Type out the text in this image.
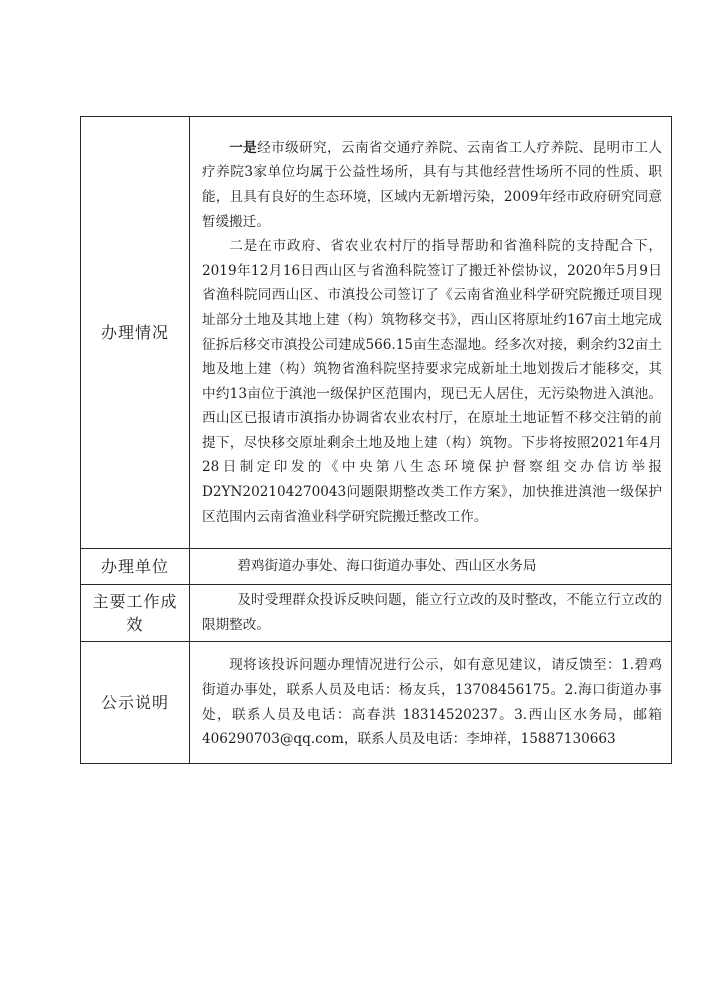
办理情况	一是经市级研究，云南省交通疗养院、云南省工人疗养院、昆明市工人疗养院3家单位均属于公益性场所，具有与其他经营性场所不同的性质、职能，且具有良好的生态环境，区域内无新增污染，2009年经市政府研究同意暂缓搬迁。

二是在市政府、省农业农村厅的指导帮助和省渔科院的支持配合下，2019年12月16日西山区与省渔科院签订了搬迁补偿协议，2020年5月9日省渔科院同西山区、市滇投公司签订了《云南省渔业科学研究院搬迁项目现址部分土地及其地上建（构）筑物移交书》，西山区将原址约167亩土地完成征拆后移交市滇投公司建成566.15亩生态湿地。经多次对接，剩余约32亩土地及地上建（构）筑物省渔科院坚持要求完成新址土地划拨后才能移交，其中约13亩位于滇池一级保护区范围内，现已无人居住，无污染物进入滇池。西山区已报请市滇指办协调省农业农村厅，在原址土地证暂不移交注销的前提下，尽快移交原址剩余土地及地上建（构）筑物。下步将按照2021年4月28日制定印发的《中央第八生态环境保护督察组交办信访举报D2YN202104270043问题限期整改类工作方案》，加快推进滇池一级保护区范围内云南省渔业科学研究院搬迁整改工作。

办理单位	碧鸡街道办事处、海口街道办事处、西山区水务局

主要工作成效	及时受理群众投诉反映问题，能立行立改的及时整改，不能立行立改的限期整改。

公示说明	现将该投诉问题办理情况进行公示，如有意见建议，请反馈至：1.碧鸡街道办事处，联系人员及电话：杨友兵，13708456175。2.海口街道办事处，联系人员及电话：高春洪 18314520237。3.西山区水务局，邮箱406290703@qq.com，联系人员及电话：李坤祥，15887130663
